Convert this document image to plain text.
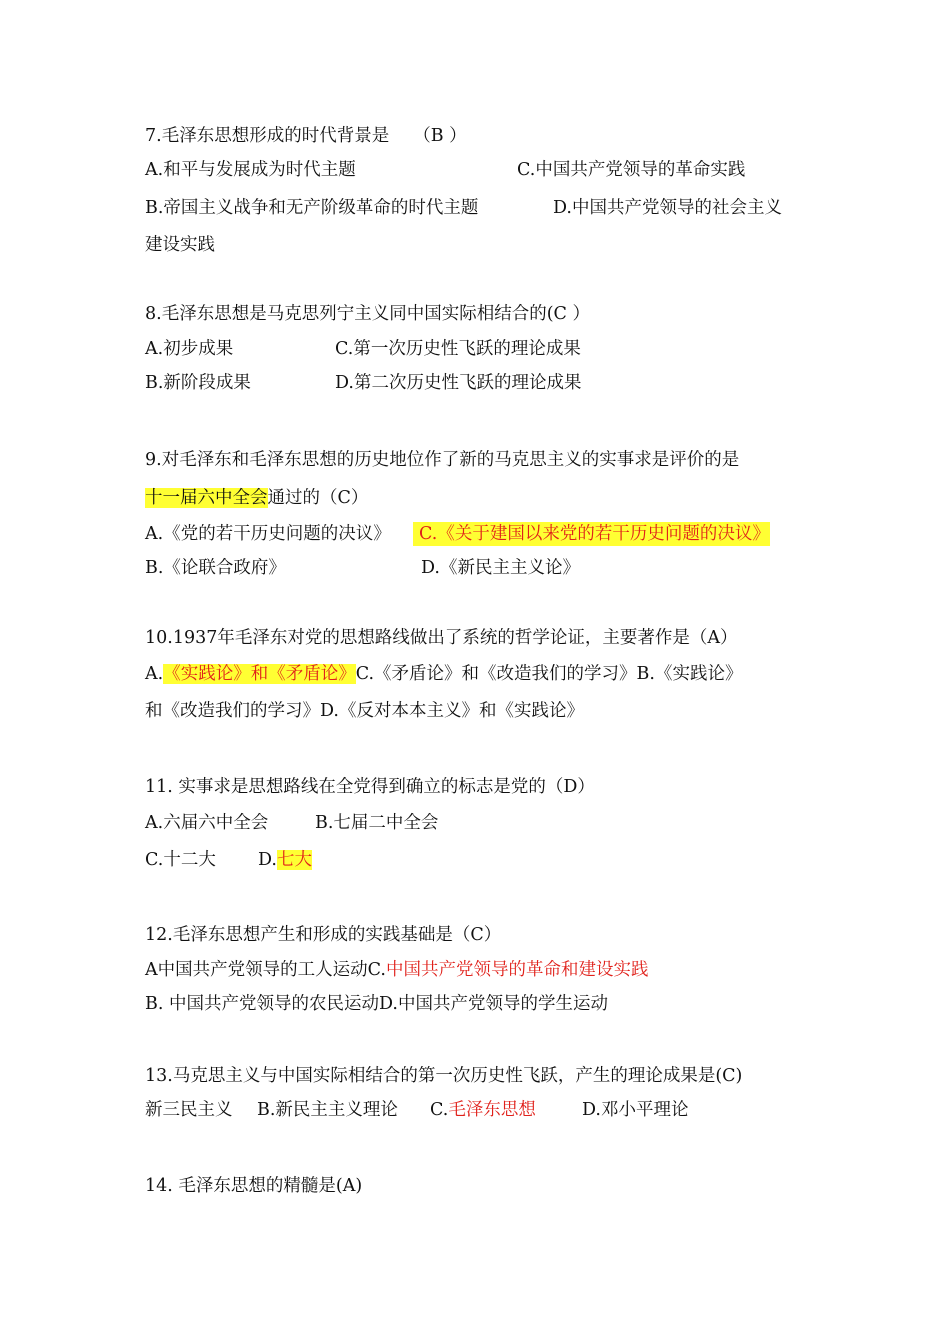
7.毛泽东思想形成的时代背景是 （B ）
A.和平与发展成为时代主题	C.中国共产党领导的革命实践
B.帝国主义战争和无产阶级革命的时代主题	D.中国共产党领导的社会主义
建设实践
8.毛泽东思想是马克思列宁主义同中国实际相结合的(C ）
A.初步成果	C.第一次历史性飞跃的理论成果
B.新阶段成果	D.第二次历史性飞跃的理论成果
9.对毛泽东和毛泽东思想的历史地位作了新的马克思主义的实事求是评价的是
十一届六中全会通过的（C）
A.《党的若干历史问题的决议》	C.《关于建国以来党的若干历史问题的决议》
B.《论联合政府》	D.《新民主主义论》
10.1937年毛泽东对党的思想路线做出了系统的哲学论证，主要著作是（A）
A.《实践论》和《矛盾论》C.《矛盾论》和《改造我们的学习》B.《实践论》
和《改造我们的学习》D.《反对本本主义》和《实践论》
11. 实事求是思想路线在全党得到确立的标志是党的（D）
A.六届六中全会	B.七届二中全会
C.十二大 D.七大
12.毛泽东思想产生和形成的实践基础是（C）
A中国共产党领导的工人运动C.中国共产党领导的革命和建设实践
B. 中国共产党领导的农民运动D.中国共产党领导的学生运动
13.马克思主义与中国实际相结合的第一次历史性飞跃，产生的理论成果是(C)
新三民主义 B.新民主主义理论 C.毛泽东思想	D.邓小平理论
14. 毛泽东思想的精髓是(A)
